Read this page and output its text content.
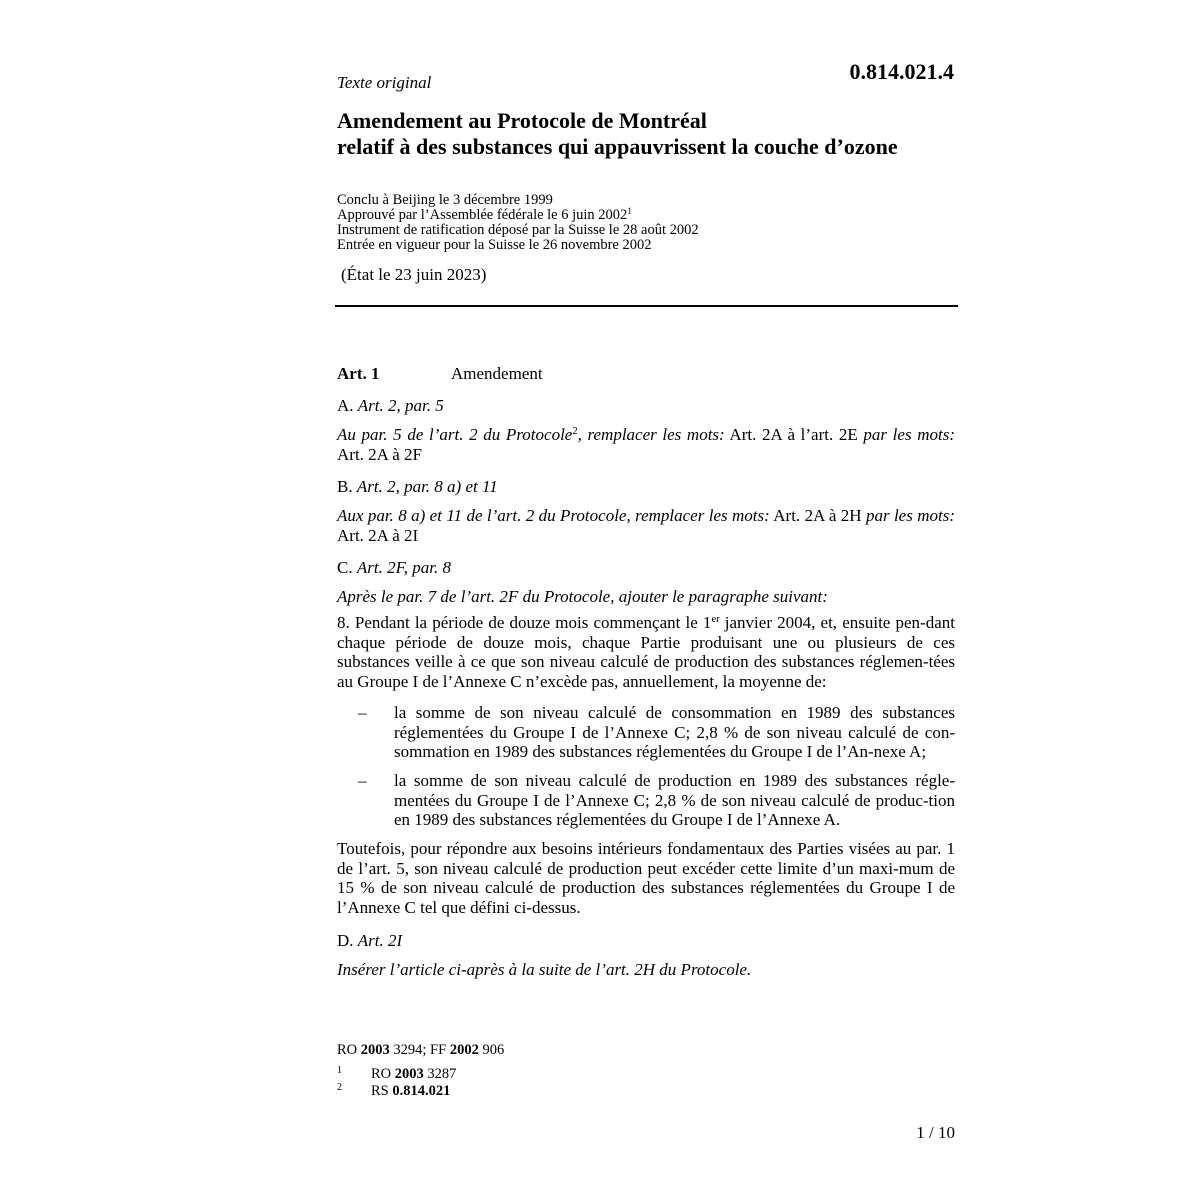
Texte original	0.814.021.4
Amendement au Protocole de Montréal
relatif à des substances qui appauvrissent la couche d’ozone
Conclu à Beijing le 3 décembre 1999
Approuvé par l’Assemblée fédérale le 6 juin 2002$^1$
Instrument de ratification déposé par la Suisse le 28 août 2002
Entrée en vigueur pour la Suisse le 26 novembre 2002
(État le 23 juin 2023)
Art. 1	Amendement
A. Art. 2, par. 5
Au par. 5 de l’art. 2 du Protocole$^2$, remplacer les mots: Art. 2A à l’art. 2E par les mots: Art. 2A à 2F
B. Art. 2, par. 8 a) et 11
Aux par. 8 a) et 11 de l’art. 2 du Protocole, remplacer les mots: Art. 2A à 2H par les mots: Art. 2A à 2I
C. Art. 2F, par. 8
Après le par. 7 de l’art. 2F du Protocole, ajouter le paragraphe suivant:
8. Pendant la période de douze mois commençant le 1er janvier 2004, et, ensuite pen-dant chaque période de douze mois, chaque Partie produisant une ou plusieurs de ces substances veille à ce que son niveau calculé de production des substances réglemen-tées au Groupe I de l’Annexe C n’excède pas, annuellement, la moyenne de:
– la somme de son niveau calculé de consommation en 1989 des substances réglementées du Groupe I de l’Annexe C; 2,8 % de son niveau calculé de con-sommation en 1989 des substances réglementées du Groupe I de l’An-nexe A;
– la somme de son niveau calculé de production en 1989 des substances régle-mentées du Groupe I de l’Annexe C; 2,8 % de son niveau calculé de produc-tion en 1989 des substances réglementées du Groupe I de l’Annexe A.
Toutefois, pour répondre aux besoins intérieurs fondamentaux des Parties visées au par. 1 de l’art. 5, son niveau calculé de production peut excéder cette limite d’un maxi-mum de 15 % de son niveau calculé de production des substances réglementées du Groupe I de l’Annexe C tel que défini ci-dessus.
D. Art. 2I
Insérer l’article ci-après à la suite de l’art. 2H du Protocole.
RO 2003 3294; FF 2002 906
1 RO 2003 3287
2 RS 0.814.021
1 / 10
